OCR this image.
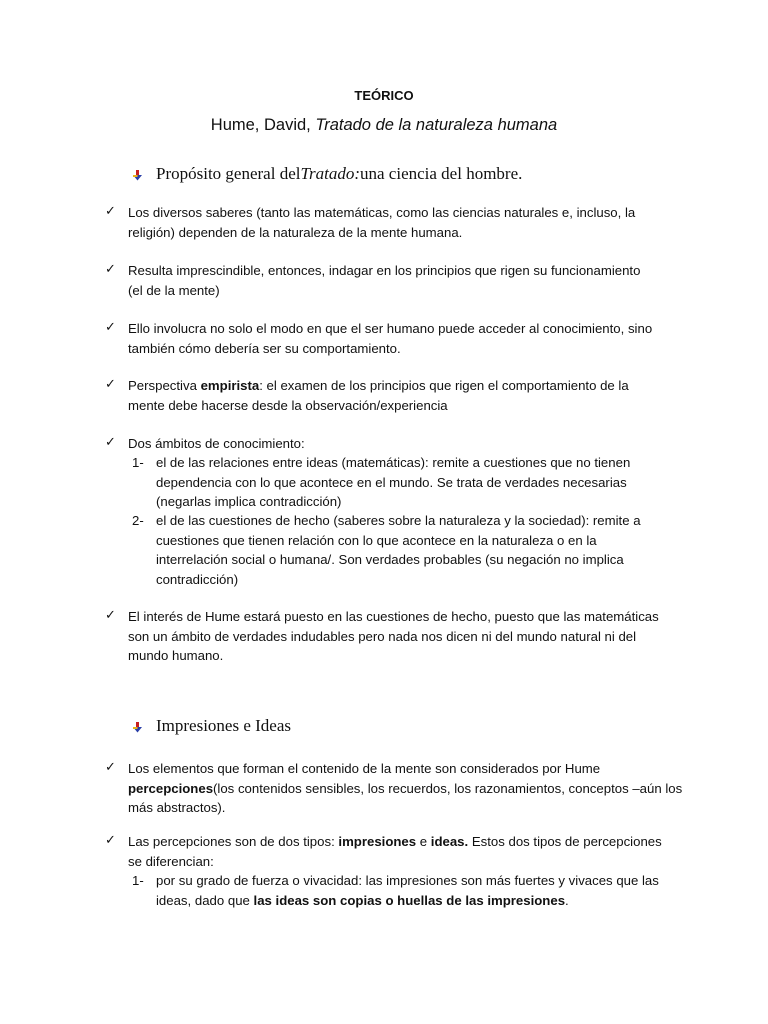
TEÓRICO
Hume, David, Tratado de la naturaleza humana
Propósito general del Tratado: una ciencia del hombre.
✓ Los diversos saberes (tanto las matemáticas, como las ciencias naturales e, incluso, la
religión) dependen de la naturaleza de la mente humana.
✓ Resulta imprescindible, entonces, indagar en los principios que rigen su funcionamiento
(el de la mente)
✓ Ello involucra no solo el modo en que el ser humano puede acceder al conocimiento, sino
también cómo debería ser su comportamiento.
✓ Perspectiva empirista: el examen de los principios que rigen el comportamiento de la
mente debe hacerse desde la observación/experiencia
✓ Dos ámbitos de conocimiento:
1- el de las relaciones entre ideas (matemáticas): remite a cuestiones que no tienen
dependencia con lo que acontece en el mundo. Se trata de verdades necesarias
(negarlas implica contradicción)
2- el de las cuestiones de hecho (saberes sobre la naturaleza y la sociedad): remite a
cuestiones que tienen relación con lo que acontece en la naturaleza o en la
interrelación social o humana/. Son verdades probables (su negación no implica
contradicción)
✓ El interés de Hume estará puesto en las cuestiones de hecho, puesto que las matemáticas
son un ámbito de verdades indudables pero nada nos dicen ni del mundo natural ni del
mundo humano.
Impresiones e Ideas
✓ Los elementos que forman el contenido de la mente son considerados por Hume
percepciones(los contenidos sensibles, los recuerdos, los razonamientos, conceptos –aún los
más abstractos).
✓ Las percepciones son de dos tipos: impresiones e ideas. Estos dos tipos de percepciones
se diferencian:
1- por su grado de fuerza o vivacidad: las impresiones son más fuertes y vivaces que las
ideas, dado que las ideas son copias o huellas de las impresiones.
